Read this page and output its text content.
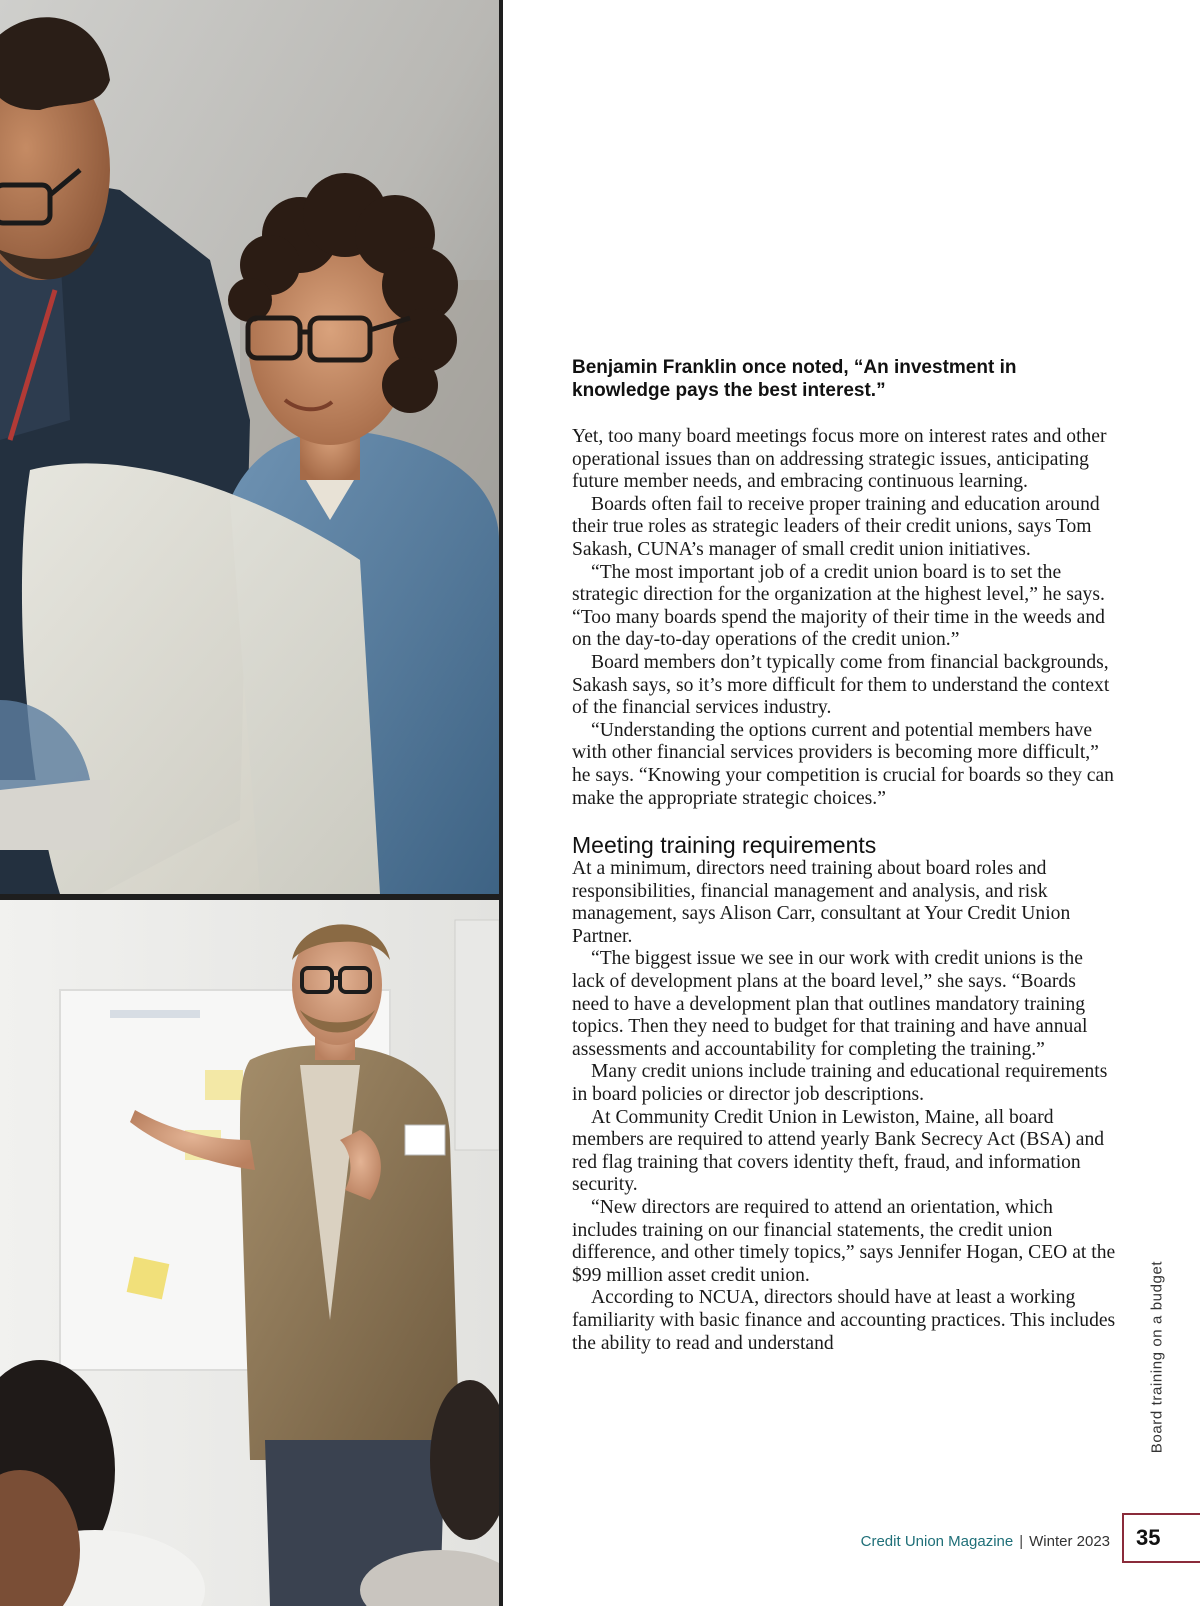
Benjamin Franklin once noted, “An investment in knowledge pays the best interest.”

Yet, too many board meetings focus more on interest rates and other operational issues than on addressing strategic issues, anticipating future member needs, and embracing continuous learning.

Boards often fail to receive proper training and education around their true roles as strategic leaders of their credit unions, says Tom Sakash, CUNA’s manager of small credit union initiatives.

“The most important job of a credit union board is to set the strategic direction for the organization at the highest level,” he says. “Too many boards spend the majority of their time in the weeds and on the day-to-day operations of the credit union.”

Board members don’t typically come from financial backgrounds, Sakash says, so it’s more difficult for them to understand the context of the financial services industry.

“Understanding the options current and potential members have with other financial services providers is becoming more difficult,” he says. “Knowing your competition is crucial for boards so they can make the appropriate strategic choices.”

Meeting training requirements

At a minimum, directors need training about board roles and responsibilities, financial management and analysis, and risk management, says Alison Carr, consultant at Your Credit Union Partner.

“The biggest issue we see in our work with credit unions is the lack of development plans at the board level,” she says. “Boards need to have a development plan that outlines mandatory training topics. Then they need to budget for that training and have annual assessments and accountability for completing the training.”

Many credit unions include training and educational requirements in board policies or director job descriptions.

At Community Credit Union in Lewiston, Maine, all board members are required to attend yearly Bank Secrecy Act (BSA) and red flag training that covers identity theft, fraud, and information security.

“New directors are required to attend an orientation, which includes training on our financial statements, the credit union difference, and other timely topics,” says Jennifer Hogan, CEO at the $99 million asset credit union.

According to NCUA, directors should have at least a working familiarity with basic finance and accounting practices. This includes the ability to read and understand	Board training on a budget
Credit Union Magazine | Winter 2023	35
